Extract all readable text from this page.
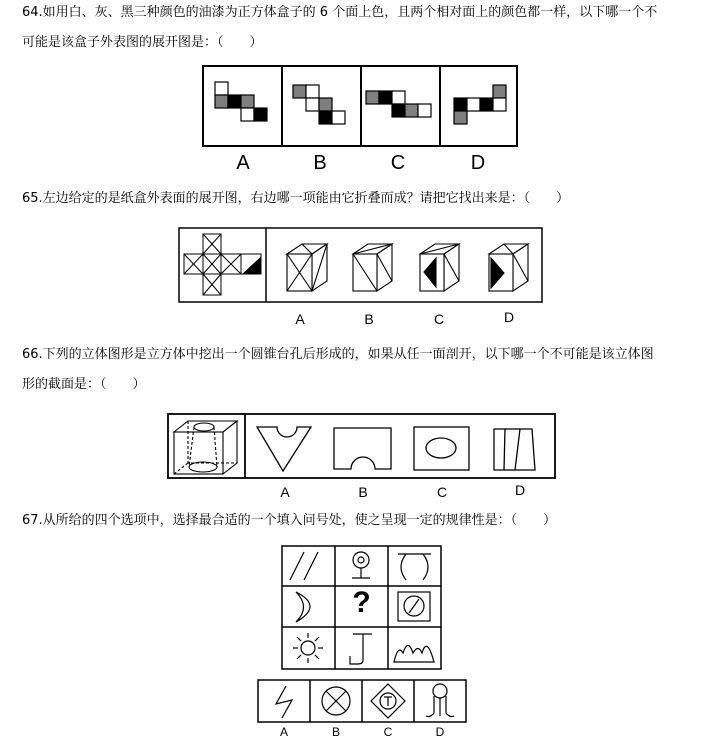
64.如用白、灰、黑三种颜色的油漆为正方体盒子的 6 个面上色，且两个相对面上的颜色都一样，以下哪一个不
可能是该盒子外表图的展开图是：（　　）
A	B	C	D
65.左边给定的是纸盒外表面的展开图，右边哪一项能由它折叠而成？请把它找出来是：（　　）
A	B	C	D
66.下列的立体图形是立方体中挖出一个圆锥台孔后形成的，如果从任一面剖开，以下哪一个不可能是该立体图
形的截面是：（　　）
A	B	C	D
67.从所给的四个选项中，选择最合适的一个填入问号处，使之呈现一定的规律性是：（　　）
?
A	B	C	D
